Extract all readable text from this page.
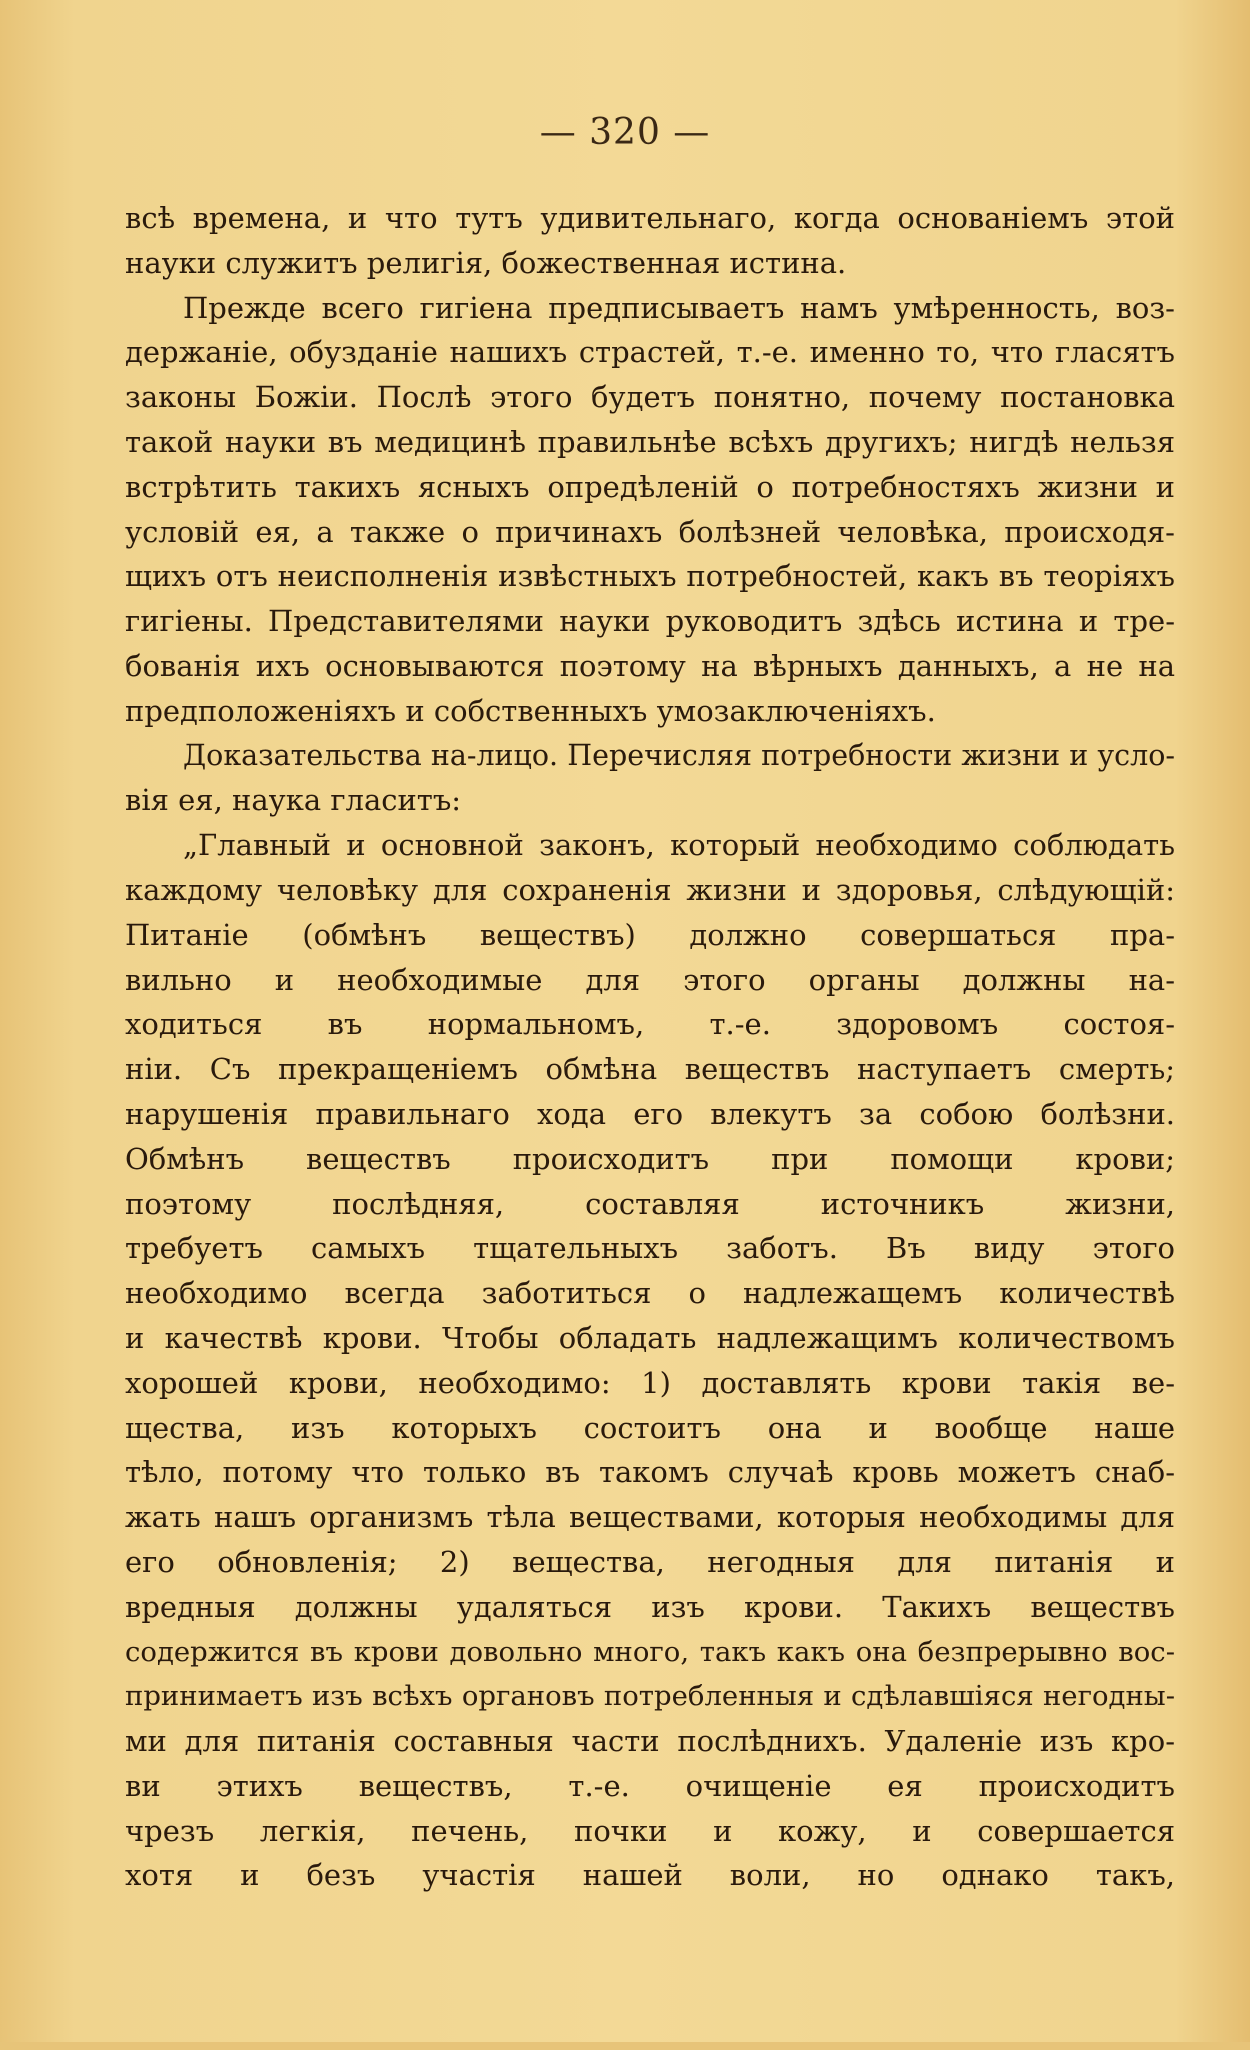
— 320 —
всѣ времена, и что тутъ удивительнаго, когда основаніемъ этой
науки служитъ религія, божественная истина.
Прежде всего гигіена предписываетъ намъ умѣренность, воз-
держаніе, обузданіе нашихъ страстей, т.-е. именно то, что гласятъ
законы Божіи. Послѣ этого будетъ понятно, почему постановка
такой науки въ медицинѣ правильнѣе всѣхъ другихъ; нигдѣ нельзя
встрѣтить такихъ ясныхъ опредѣленій о потребностяхъ жизни и
условій ея, а также о причинахъ болѣзней человѣка, происходя-
щихъ отъ неисполненія извѣстныхъ потребностей, какъ въ теоріяхъ
гигіены. Представителями науки руководитъ здѣсь истина и тре-
бованія ихъ основываются поэтому на вѣрныхъ данныхъ, а не на
предположеніяхъ и собственныхъ умозаключеніяхъ.
Доказательства на-лицо. Перечисляя потребности жизни и усло-
вія ея, наука гласитъ:
„Главный и основной законъ, который необходимо соблюдать
каждому человѣку для сохраненія жизни и здоровья, слѣдующій:
Питаніе (обмѣнъ веществъ) должно совершаться пра-
вильно и необходимые для этого органы должны на-
ходиться въ нормальномъ, т.-е. здоровомъ состоя-
ніи. Съ прекращеніемъ обмѣна веществъ наступаетъ смерть;
нарушенія правильнаго хода его влекутъ за собою болѣзни.
Обмѣнъ веществъ происходитъ при помощи крови;
поэтому послѣдняя, составляя источникъ жизни,
требуетъ самыхъ тщательныхъ заботъ. Въ виду этого
необходимо всегда заботиться о надлежащемъ количествѣ
и качествѣ крови. Чтобы обладать надлежащимъ количествомъ
хорошей крови, необходимо: 1) доставлять крови такія ве-
щества, изъ которыхъ состоитъ она и вообще наше
тѣло, потому что только въ такомъ случаѣ кровь можетъ снаб-
жать нашъ организмъ тѣла веществами, которыя необходимы для
его обновленія; 2) вещества, негодныя для питанія и
вредныя должны удаляться изъ крови. Такихъ веществъ
содержится въ крови довольно много, такъ какъ она безпрерывно вос-
принимаетъ изъ всѣхъ органовъ потребленныя и сдѣлавшіяся негодны-
ми для питанія составныя части послѣднихъ. Удаленіе изъ кро-
ви этихъ веществъ, т.-е. очищеніе ея происходитъ
чрезъ легкія, печень, почки и кожу, и совершается
хотя и безъ участія нашей воли, но однако такъ,
